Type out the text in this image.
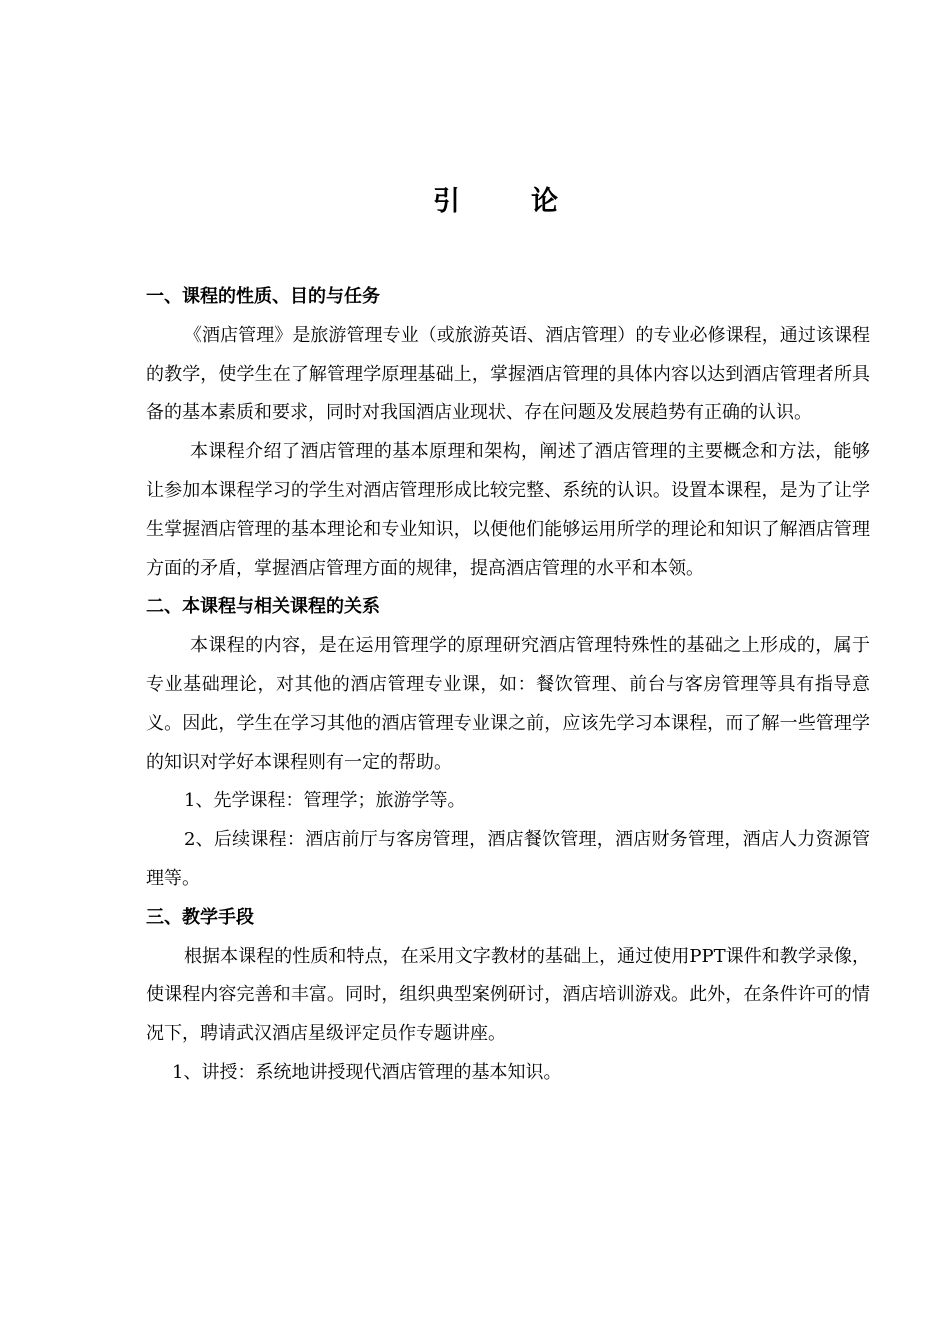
引　论

一、课程的性质、目的与任务

《酒店管理》是旅游管理专业（或旅游英语、酒店管理）的专业必修课程，通过该课程的教学，使学生在了解管理学原理基础上，掌握酒店管理的具体内容以达到酒店管理者所具备的基本素质和要求，同时对我国酒店业现状、存在问题及发展趋势有正确的认识。

本课程介绍了酒店管理的基本原理和架构，阐述了酒店管理的主要概念和方法，能够让参加本课程学习的学生对酒店管理形成比较完整、系统的认识。设置本课程，是为了让学生掌握酒店管理的基本理论和专业知识，以便他们能够运用所学的理论和知识了解酒店管理方面的矛盾，掌握酒店管理方面的规律，提高酒店管理的水平和本领。

二、本课程与相关课程的关系

本课程的内容，是在运用管理学的原理研究酒店管理特殊性的基础之上形成的，属于专业基础理论，对其他的酒店管理专业课，如：餐饮管理、前台与客房管理等具有指导意义。因此，学生在学习其他的酒店管理专业课之前，应该先学习本课程，而了解一些管理学的知识对学好本课程则有一定的帮助。

1、先学课程：管理学；旅游学等。

2、后续课程：酒店前厅与客房管理，酒店餐饮管理，酒店财务管理，酒店人力资源管理等。

三、教学手段

根据本课程的性质和特点，在采用文字教材的基础上，通过使用PPT课件和教学录像，使课程内容完善和丰富。同时，组织典型案例研讨，酒店培训游戏。此外，在条件许可的情况下，聘请武汉酒店星级评定员作专题讲座。

1、讲授：系统地讲授现代酒店管理的基本知识。
